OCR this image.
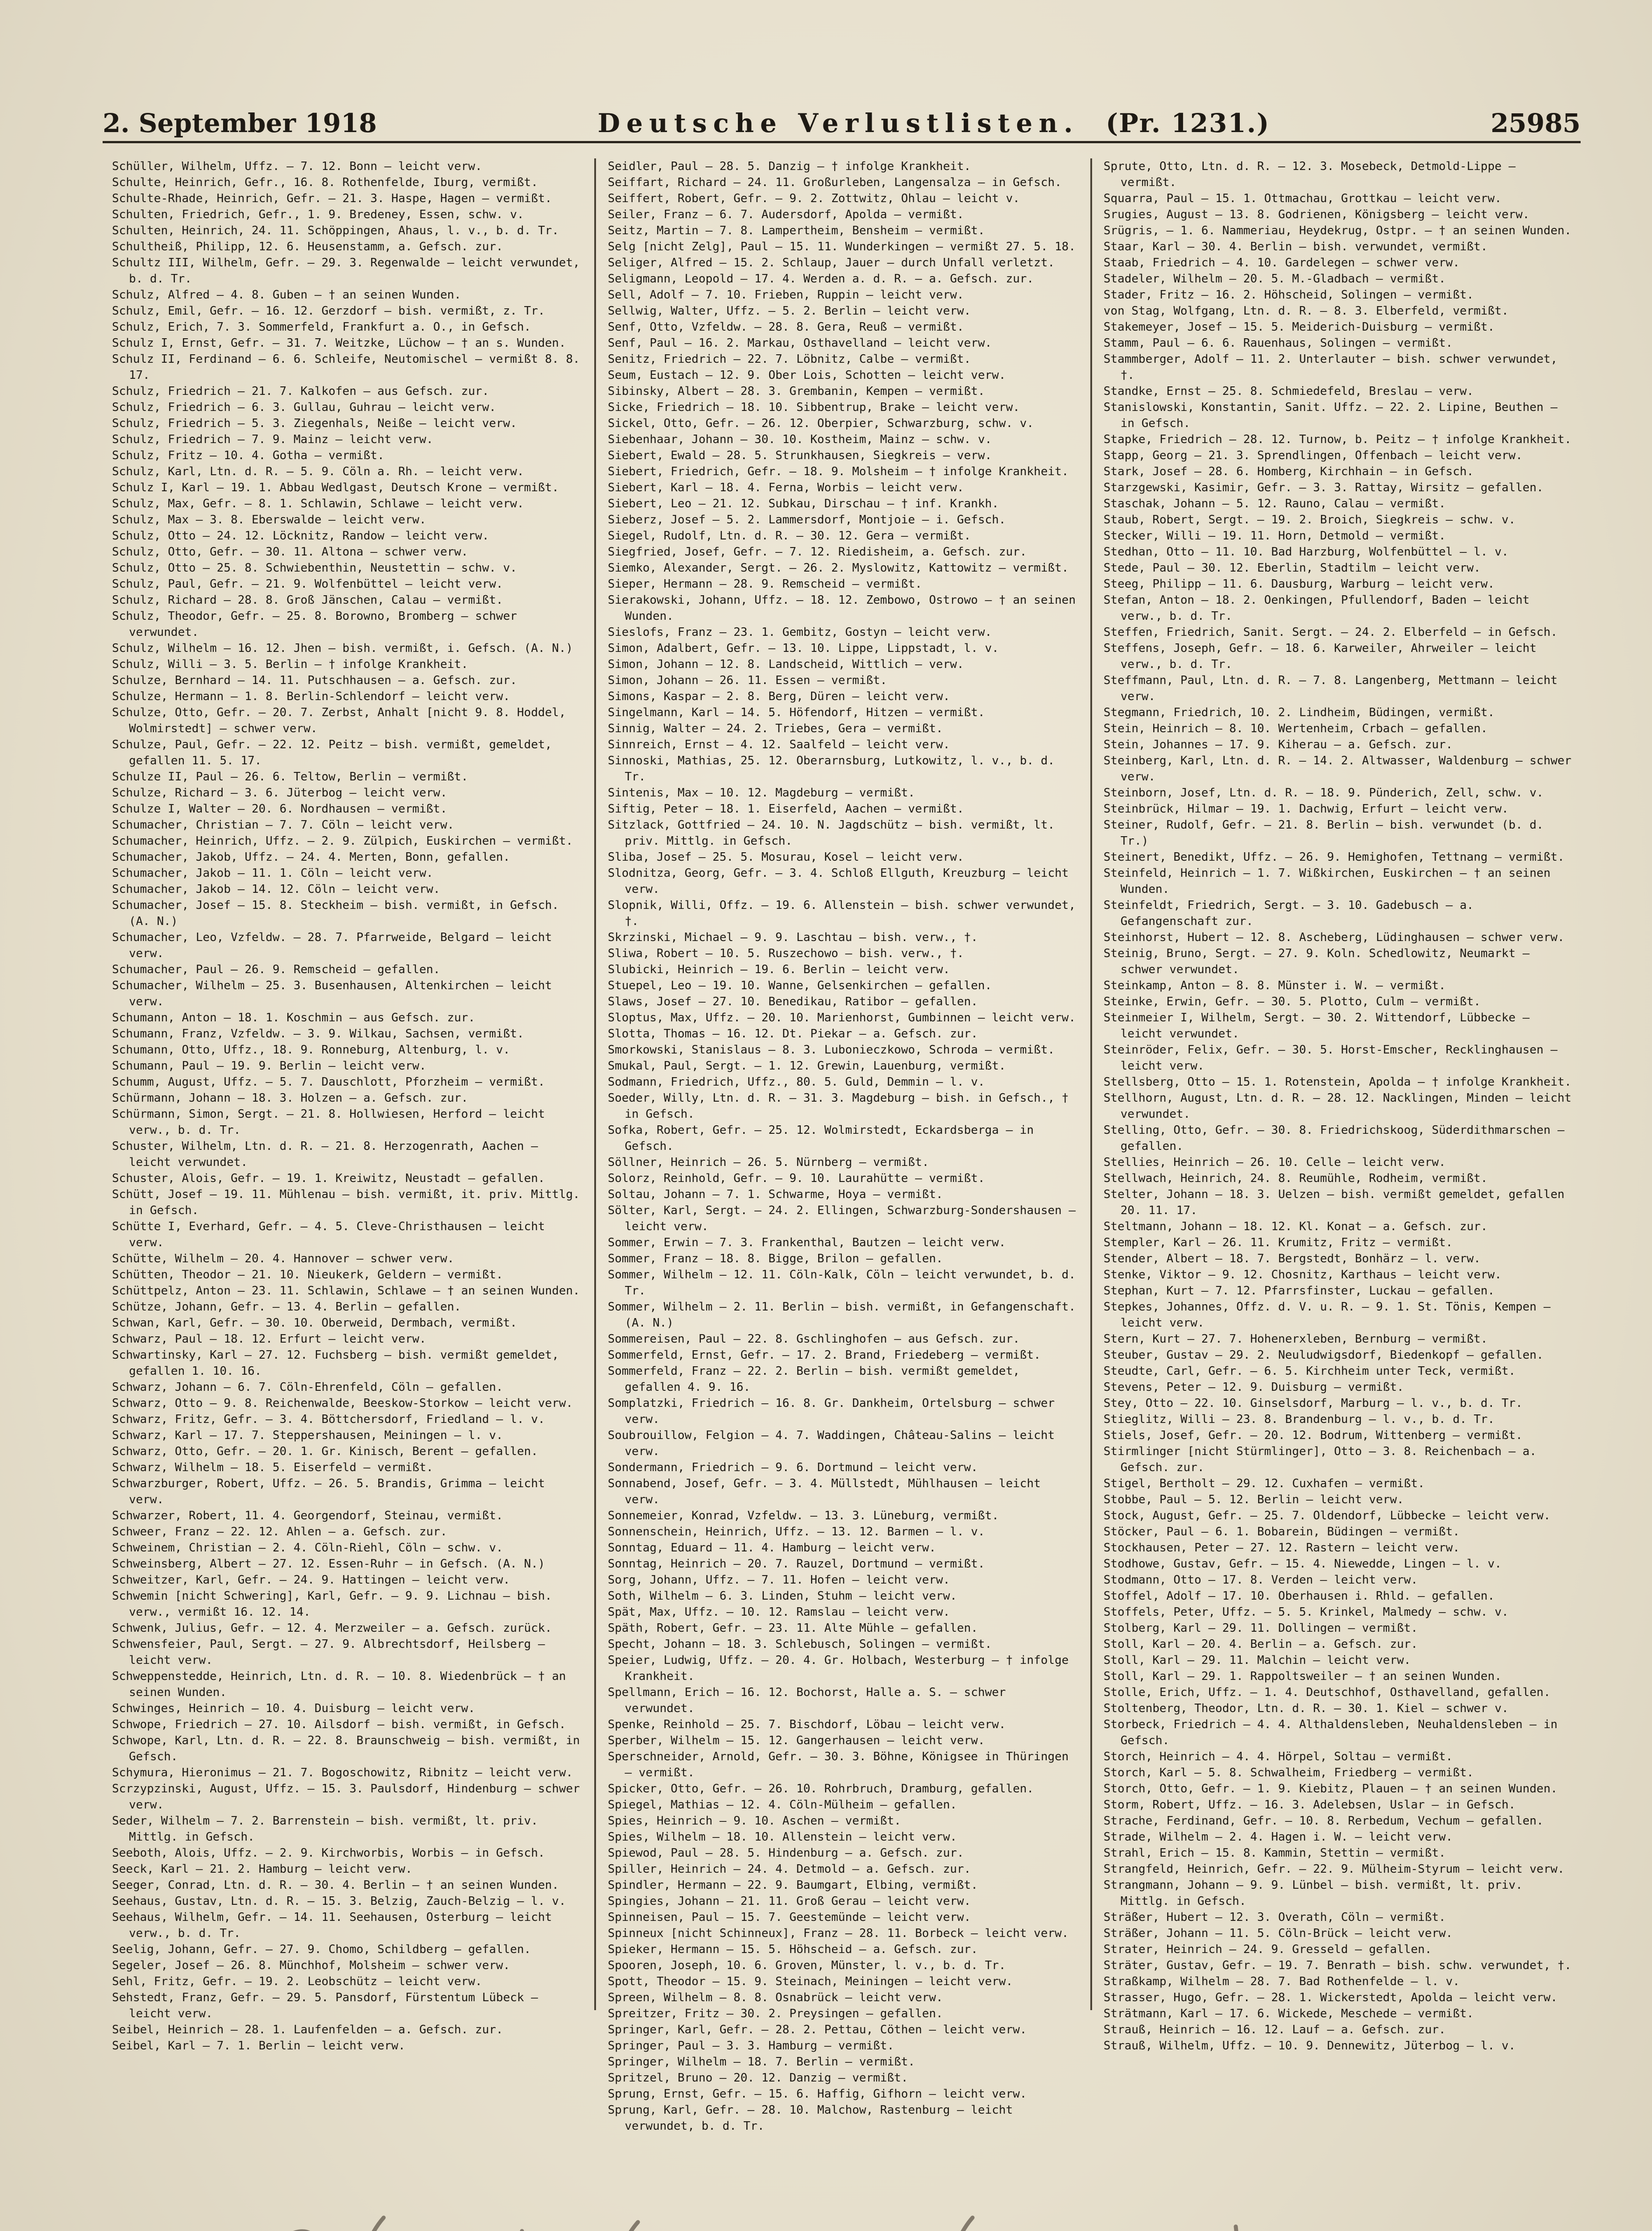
2. September 1918	Deutsche Verlustlisten. (Pr. 1231.)	25985

Schüller, Wilhelm, Uffz. — 7. 12. Bonn — leicht verw.

Schulte, Heinrich, Gefr., 16. 8. Rothenfelde, Iburg, vermißt.

Schulte-Rhade, Heinrich, Gefr. — 21. 3. Haspe, Hagen — vermißt.

Schulten, Friedrich, Gefr., 1. 9. Bredeney, Essen, schw. v.

Schulten, Heinrich, 24. 11. Schöppingen, Ahaus, l. v., b. d. Tr.

Schultheiß, Philipp, 12. 6. Heusenstamm, a. Gefsch. zur.

Schultz III, Wilhelm, Gefr. — 29. 3. Regenwalde — leicht verwundet, b. d. Tr.

Schulz, Alfred — 4. 8. Guben — † an seinen Wunden.

Schulz, Emil, Gefr. — 16. 12. Gerzdorf — bish. vermißt, z. Tr.

Schulz, Erich, 7. 3. Sommerfeld, Frankfurt a. O., in Gefsch.

Schulz I, Ernst, Gefr. — 31. 7. Weitzke, Lüchow — † an s. Wunden.

Schulz II, Ferdinand — 6. 6. Schleife, Neutomischel — vermißt 8. 8. 17.

Schulz, Friedrich — 21. 7. Kalkofen — aus Gefsch. zur.

Schulz, Friedrich — 6. 3. Gullau, Guhrau — leicht verw.

Schulz, Friedrich — 5. 3. Ziegenhals, Neiße — leicht verw.

Schulz, Friedrich — 7. 9. Mainz — leicht verw.

Schulz, Fritz — 10. 4. Gotha — vermißt.

Schulz, Karl, Ltn. d. R. — 5. 9. Cöln a. Rh. — leicht verw.

Schulz I, Karl — 19. 1. Abbau Wedlgast, Deutsch Krone — vermißt.

Schulz, Max, Gefr. — 8. 1. Schlawin, Schlawe — leicht verw.

Schulz, Max — 3. 8. Eberswalde — leicht verw.

Schulz, Otto — 24. 12. Löcknitz, Randow — leicht verw.

Schulz, Otto, Gefr. — 30. 11. Altona — schwer verw.

Schulz, Otto — 25. 8. Schwiebenthin, Neustettin — schw. v.

Schulz, Paul, Gefr. — 21. 9. Wolfenbüttel — leicht verw.

Schulz, Richard — 28. 8. Groß Jänschen, Calau — vermißt.

Schulz, Theodor, Gefr. — 25. 8. Borowno, Bromberg — schwer verwundet.

Schulz, Wilhelm — 16. 12. Jhen — bish. vermißt, i. Gefsch. (A. N.)

Schulz, Willi — 3. 5. Berlin — † infolge Krankheit.

Schulze, Bernhard — 14. 11. Putschhausen — a. Gefsch. zur.

Schulze, Hermann — 1. 8. Berlin-Schlendorf — leicht verw.

Schulze, Otto, Gefr. — 20. 7. Zerbst, Anhalt [nicht 9. 8. Hoddel, Wolmirstedt] — schwer verw.

Schulze, Paul, Gefr. — 22. 12. Peitz — bish. vermißt, gemeldet, gefallen 11. 5. 17.

Schulze II, Paul — 26. 6. Teltow, Berlin — vermißt.

Schulze, Richard — 3. 6. Jüterbog — leicht verw.

Schulze I, Walter — 20. 6. Nordhausen — vermißt.

Schumacher, Christian — 7. 7. Cöln — leicht verw.

Schumacher, Heinrich, Uffz. — 2. 9. Zülpich, Euskirchen — vermißt.

Schumacher, Jakob, Uffz. — 24. 4. Merten, Bonn, gefallen.

Schumacher, Jakob — 11. 1. Cöln — leicht verw.

Schumacher, Jakob — 14. 12. Cöln — leicht verw.

Schumacher, Josef — 15. 8. Steckheim — bish. vermißt, in Gefsch. (A. N.)

Schumacher, Leo, Vzfeldw. — 28. 7. Pfarrweide, Belgard — leicht verw.

Schumacher, Paul — 26. 9. Remscheid — gefallen.

Schumacher, Wilhelm — 25. 3. Busenhausen, Altenkirchen — leicht verw.

Schumann, Anton — 18. 1. Koschmin — aus Gefsch. zur.

Schumann, Franz, Vzfeldw. — 3. 9. Wilkau, Sachsen, vermißt.

Schumann, Otto, Uffz., 18. 9. Ronneburg, Altenburg, l. v.

Schumann, Paul — 19. 9. Berlin — leicht verw.

Schumm, August, Uffz. — 5. 7. Dauschlott, Pforzheim — vermißt.

Schürmann, Johann — 18. 3. Holzen — a. Gefsch. zur.

Schürmann, Simon, Sergt. — 21. 8. Hollwiesen, Herford — leicht verw., b. d. Tr.

Schuster, Wilhelm, Ltn. d. R. — 21. 8. Herzogenrath, Aachen — leicht verwundet.

Schuster, Alois, Gefr. — 19. 1. Kreiwitz, Neustadt — gefallen.

Schütt, Josef — 19. 11. Mühlenau — bish. vermißt, it. priv. Mittlg. in Gefsch.

Schütte I, Everhard, Gefr. — 4. 5. Cleve-Christhausen — leicht verw.

Schütte, Wilhelm — 20. 4. Hannover — schwer verw.

Schütten, Theodor — 21. 10. Nieukerk, Geldern — vermißt.

Schüttpelz, Anton — 23. 11. Schlawin, Schlawe — † an seinen Wunden.

Schütze, Johann, Gefr. — 13. 4. Berlin — gefallen.

Schwan, Karl, Gefr. — 30. 10. Oberweid, Dermbach, vermißt.

Schwarz, Paul — 18. 12. Erfurt — leicht verw.

Schwartinsky, Karl — 27. 12. Fuchsberg — bish. vermißt gemeldet, gefallen 1. 10. 16.

Schwarz, Johann — 6. 7. Cöln-Ehrenfeld, Cöln — gefallen.

Schwarz, Otto — 9. 8. Reichenwalde, Beeskow-Storkow — leicht verw.

Schwarz, Fritz, Gefr. — 3. 4. Böttchersdorf, Friedland — l. v.

Schwarz, Karl — 17. 7. Steppershausen, Meiningen — l. v.

Schwarz, Otto, Gefr. — 20. 1. Gr. Kinisch, Berent — gefallen.

Schwarz, Wilhelm — 18. 5. Eiserfeld — vermißt.

Schwarzburger, Robert, Uffz. — 26. 5. Brandis, Grimma — leicht verw.

Schwarzer, Robert, 11. 4. Georgendorf, Steinau, vermißt.

Schweer, Franz — 22. 12. Ahlen — a. Gefsch. zur.

Schweinem, Christian — 2. 4. Cöln-Riehl, Cöln — schw. v.

Schweinsberg, Albert — 27. 12. Essen-Ruhr — in Gefsch. (A. N.)

Schweitzer, Karl, Gefr. — 24. 9. Hattingen — leicht verw.

Schwemin [nicht Schwering], Karl, Gefr. — 9. 9. Lichnau — bish. verw., vermißt 16. 12. 14.

Schwenk, Julius, Gefr. — 12. 4. Merzweiler — a. Gefsch. zurück.

Schwensfeier, Paul, Sergt. — 27. 9. Albrechtsdorf, Heilsberg — leicht verw.

Schweppenstedde, Heinrich, Ltn. d. R. — 10. 8. Wiedenbrück — † an seinen Wunden.

Schwinges, Heinrich — 10. 4. Duisburg — leicht verw.

Schwope, Friedrich — 27. 10. Ailsdorf — bish. vermißt, in Gefsch.

Schwope, Karl, Ltn. d. R. — 22. 8. Braunschweig — bish. vermißt, in Gefsch.

Schymura, Hieronimus — 21. 7. Bogoschowitz, Ribnitz — leicht verw.

Scrzypzinski, August, Uffz. — 15. 3. Paulsdorf, Hindenburg — schwer verw.

Seder, Wilhelm — 7. 2. Barrenstein — bish. vermißt, lt. priv. Mittlg. in Gefsch.

Seeboth, Alois, Uffz. — 2. 9. Kirchworbis, Worbis — in Gefsch.

Seeck, Karl — 21. 2. Hamburg — leicht verw.

Seeger, Conrad, Ltn. d. R. — 30. 4. Berlin — † an seinen Wunden.

Seehaus, Gustav, Ltn. d. R. — 15. 3. Belzig, Zauch-Belzig — l. v.

Seehaus, Wilhelm, Gefr. — 14. 11. Seehausen, Osterburg — leicht verw., b. d. Tr.

Seelig, Johann, Gefr. — 27. 9. Chomo, Schildberg — gefallen.

Segeler, Josef — 26. 8. Münchhof, Molsheim — schwer verw.

Sehl, Fritz, Gefr. — 19. 2. Leobschütz — leicht verw.

Sehstedt, Franz, Gefr. — 29. 5. Pansdorf, Fürstentum Lübeck — leicht verw.

Seibel, Heinrich — 28. 1. Laufenfelden — a. Gefsch. zur.

Seibel, Karl — 7. 1. Berlin — leicht verw.

Seidler, Paul — 28. 5. Danzig — † infolge Krankheit.

Seiffart, Richard — 24. 11. Großurleben, Langensalza — in Gefsch.

Seiffert, Robert, Gefr. — 9. 2. Zottwitz, Ohlau — leicht v.

Seiler, Franz — 6. 7. Audersdorf, Apolda — vermißt.

Seitz, Martin — 7. 8. Lampertheim, Bensheim — vermißt.

Selg [nicht Zelg], Paul — 15. 11. Wunderkingen — vermißt 27. 5. 18.

Seliger, Alfred — 15. 2. Schlaup, Jauer — durch Unfall verletzt.

Seligmann, Leopold — 17. 4. Werden a. d. R. — a. Gefsch. zur.

Sell, Adolf — 7. 10. Frieben, Ruppin — leicht verw.

Sellwig, Walter, Uffz. — 5. 2. Berlin — leicht verw.

Senf, Otto, Vzfeldw. — 28. 8. Gera, Reuß — vermißt.

Senf, Paul — 16. 2. Markau, Osthavelland — leicht verw.

Senitz, Friedrich — 22. 7. Löbnitz, Calbe — vermißt.

Seum, Eustach — 12. 9. Ober Lois, Schotten — leicht verw.

Sibinsky, Albert — 28. 3. Grembanin, Kempen — vermißt.

Sicke, Friedrich — 18. 10. Sibbentrup, Brake — leicht verw.

Sickel, Otto, Gefr. — 26. 12. Oberpier, Schwarzburg, schw. v.

Siebenhaar, Johann — 30. 10. Kostheim, Mainz — schw. v.

Siebert, Ewald — 28. 5. Strunkhausen, Siegkreis — verw.

Siebert, Friedrich, Gefr. — 18. 9. Molsheim — † infolge Krankheit.

Siebert, Karl — 18. 4. Ferna, Worbis — leicht verw.

Siebert, Leo — 21. 12. Subkau, Dirschau — † inf. Krankh.

Sieberz, Josef — 5. 2. Lammersdorf, Montjoie — i. Gefsch.

Siegel, Rudolf, Ltn. d. R. — 30. 12. Gera — vermißt.

Siegfried, Josef, Gefr. — 7. 12. Riedisheim, a. Gefsch. zur.

Siemko, Alexander, Sergt. — 26. 2. Myslowitz, Kattowitz — vermißt.

Sieper, Hermann — 28. 9. Remscheid — vermißt.

Sierakowski, Johann, Uffz. — 18. 12. Zembowo, Ostrowo — † an seinen Wunden.

Sieslofs, Franz — 23. 1. Gembitz, Gostyn — leicht verw.

Simon, Adalbert, Gefr. — 13. 10. Lippe, Lippstadt, l. v.

Simon, Johann — 12. 8. Landscheid, Wittlich — verw.

Simon, Johann — 26. 11. Essen — vermißt.

Simons, Kaspar — 2. 8. Berg, Düren — leicht verw.

Singelmann, Karl — 14. 5. Höfendorf, Hitzen — vermißt.

Sinnig, Walter — 24. 2. Triebes, Gera — vermißt.

Sinnreich, Ernst — 4. 12. Saalfeld — leicht verw.

Sinnoski, Mathias, 25. 12. Oberarnsburg, Lutkowitz, l. v., b. d. Tr.

Sintenis, Max — 10. 12. Magdeburg — vermißt.

Siftig, Peter — 18. 1. Eiserfeld, Aachen — vermißt.

Sitzlack, Gottfried — 24. 10. N. Jagdschütz — bish. vermißt, lt. priv. Mittlg. in Gefsch.

Sliba, Josef — 25. 5. Mosurau, Kosel — leicht verw.

Slodnitza, Georg, Gefr. — 3. 4. Schloß Ellguth, Kreuzburg — leicht verw.

Slopnik, Willi, Offz. — 19. 6. Allenstein — bish. schwer verwundet, †.

Skrzinski, Michael — 9. 9. Laschtau — bish. verw., †.

Sliwa, Robert — 10. 5. Ruszechowo — bish. verw., †.

Slubicki, Heinrich — 19. 6. Berlin — leicht verw.

Stuepel, Leo — 19. 10. Wanne, Gelsenkirchen — gefallen.

Slaws, Josef — 27. 10. Benedikau, Ratibor — gefallen.

Sloptus, Max, Uffz. — 20. 10. Marienhorst, Gumbinnen — leicht verw.

Slotta, Thomas — 16. 12. Dt. Piekar — a. Gefsch. zur.

Smorkowski, Stanislaus — 8. 3. Lubonieczkowo, Schroda — vermißt.

Smukal, Paul, Sergt. — 1. 12. Grewin, Lauenburg, vermißt.

Sodmann, Friedrich, Uffz., 80. 5. Guld, Demmin — l. v.

Soeder, Willy, Ltn. d. R. — 31. 3. Magdeburg — bish. in Gefsch., † in Gefsch.

Sofka, Robert, Gefr. — 25. 12. Wolmirstedt, Eckardsberga — in Gefsch.

Söllner, Heinrich — 26. 5. Nürnberg — vermißt.

Solorz, Reinhold, Gefr. — 9. 10. Laurahütte — vermißt.

Soltau, Johann — 7. 1. Schwarme, Hoya — vermißt.

Sölter, Karl, Sergt. — 24. 2. Ellingen, Schwarzburg-Sondershausen — leicht verw.

Sommer, Erwin — 7. 3. Frankenthal, Bautzen — leicht verw.

Sommer, Franz — 18. 8. Bigge, Brilon — gefallen.

Sommer, Wilhelm — 12. 11. Cöln-Kalk, Cöln — leicht verwundet, b. d. Tr.

Sommer, Wilhelm — 2. 11. Berlin — bish. vermißt, in Gefangenschaft. (A. N.)

Sommereisen, Paul — 22. 8. Gschlinghofen — aus Gefsch. zur.

Sommerfeld, Ernst, Gefr. — 17. 2. Brand, Friedeberg — vermißt.

Sommerfeld, Franz — 22. 2. Berlin — bish. vermißt gemeldet, gefallen 4. 9. 16.

Somplatzki, Friedrich — 16. 8. Gr. Dankheim, Ortelsburg — schwer verw.

Soubrouillow, Felgion — 4. 7. Waddingen, Château-Salins — leicht verw.

Sondermann, Friedrich — 9. 6. Dortmund — leicht verw.

Sonnabend, Josef, Gefr. — 3. 4. Müllstedt, Mühlhausen — leicht verw.

Sonnemeier, Konrad, Vzfeldw. — 13. 3. Lüneburg, vermißt.

Sonnenschein, Heinrich, Uffz. — 13. 12. Barmen — l. v.

Sonntag, Eduard — 11. 4. Hamburg — leicht verw.

Sonntag, Heinrich — 20. 7. Rauzel, Dortmund — vermißt.

Sorg, Johann, Uffz. — 7. 11. Hofen — leicht verw.

Soth, Wilhelm — 6. 3. Linden, Stuhm — leicht verw.

Spät, Max, Uffz. — 10. 12. Ramslau — leicht verw.

Späth, Robert, Gefr. — 23. 11. Alte Mühle — gefallen.

Specht, Johann — 18. 3. Schlebusch, Solingen — vermißt.

Speier, Ludwig, Uffz. — 20. 4. Gr. Holbach, Westerburg — † infolge Krankheit.

Spellmann, Erich — 16. 12. Bochorst, Halle a. S. — schwer verwundet.

Spenke, Reinhold — 25. 7. Bischdorf, Löbau — leicht verw.

Sperber, Wilhelm — 15. 12. Gangerhausen — leicht verw.

Sperschneider, Arnold, Gefr. — 30. 3. Böhne, Königsee in Thüringen — vermißt.

Spicker, Otto, Gefr. — 26. 10. Rohrbruch, Dramburg, gefallen.

Spiegel, Mathias — 12. 4. Cöln-Mülheim — gefallen.

Spies, Heinrich — 9. 10. Aschen — vermißt.

Spies, Wilhelm — 18. 10. Allenstein — leicht verw.

Spiewod, Paul — 28. 5. Hindenburg — a. Gefsch. zur.

Spiller, Heinrich — 24. 4. Detmold — a. Gefsch. zur.

Spindler, Hermann — 22. 9. Baumgart, Elbing, vermißt.

Spingies, Johann — 21. 11. Groß Gerau — leicht verw.

Spinneisen, Paul — 15. 7. Geestemünde — leicht verw.

Spinneux [nicht Schinneux], Franz — 28. 11. Borbeck — leicht verw.

Spieker, Hermann — 15. 5. Höhscheid — a. Gefsch. zur.

Spooren, Joseph, 10. 6. Groven, Münster, l. v., b. d. Tr.

Spott, Theodor — 15. 9. Steinach, Meiningen — leicht verw.

Spreen, Wilhelm — 8. 8. Osnabrück — leicht verw.

Spreitzer, Fritz — 30. 2. Preysingen — gefallen.

Springer, Karl, Gefr. — 28. 2. Pettau, Cöthen — leicht verw.

Springer, Paul — 3. 3. Hamburg — vermißt.

Springer, Wilhelm — 18. 7. Berlin — vermißt.

Spritzel, Bruno — 20. 12. Danzig — vermißt.

Sprung, Ernst, Gefr. — 15. 6. Haffig, Gifhorn — leicht verw.

Sprung, Karl, Gefr. — 28. 10. Malchow, Rastenburg — leicht verwundet, b. d. Tr.

Sprute, Otto, Ltn. d. R. — 12. 3. Mosebeck, Detmold-Lippe — vermißt.

Squarra, Paul — 15. 1. Ottmachau, Grottkau — leicht verw.

Srugies, August — 13. 8. Godrienen, Königsberg — leicht verw.

Srügris, — 1. 6. Nammeriau, Heydekrug, Ostpr. — † an seinen Wunden.

Staar, Karl — 30. 4. Berlin — bish. verwundet, vermißt.

Staab, Friedrich — 4. 10. Gardelegen — schwer verw.

Stadeler, Wilhelm — 20. 5. M.-Gladbach — vermißt.

Stader, Fritz — 16. 2. Höhscheid, Solingen — vermißt.

von Stag, Wolfgang, Ltn. d. R. — 8. 3. Elberfeld, vermißt.

Stakemeyer, Josef — 15. 5. Meiderich-Duisburg — vermißt.

Stamm, Paul — 6. 6. Rauenhaus, Solingen — vermißt.

Stammberger, Adolf — 11. 2. Unterlauter — bish. schwer verwundet, †.

Standke, Ernst — 25. 8. Schmiedefeld, Breslau — verw.

Stanislowski, Konstantin, Sanit. Uffz. — 22. 2. Lipine, Beuthen — in Gefsch.

Stapke, Friedrich — 28. 12. Turnow, b. Peitz — † infolge Krankheit.

Stapp, Georg — 21. 3. Sprendlingen, Offenbach — leicht verw.

Stark, Josef — 28. 6. Homberg, Kirchhain — in Gefsch.

Starzgewski, Kasimir, Gefr. — 3. 3. Rattay, Wirsitz — gefallen.

Staschak, Johann — 5. 12. Rauno, Calau — vermißt.

Staub, Robert, Sergt. — 19. 2. Broich, Siegkreis — schw. v.

Stecker, Willi — 19. 11. Horn, Detmold — vermißt.

Stedhan, Otto — 11. 10. Bad Harzburg, Wolfenbüttel — l. v.

Stede, Paul — 30. 12. Eberlin, Stadtilm — leicht verw.

Steeg, Philipp — 11. 6. Dausburg, Warburg — leicht verw.

Stefan, Anton — 18. 2. Oenkingen, Pfullendorf, Baden — leicht verw., b. d. Tr.

Steffen, Friedrich, Sanit. Sergt. — 24. 2. Elberfeld — in Gefsch.

Steffens, Joseph, Gefr. — 18. 6. Karweiler, Ahrweiler — leicht verw., b. d. Tr.

Steffmann, Paul, Ltn. d. R. — 7. 8. Langenberg, Mettmann — leicht verw.

Stegmann, Friedrich, 10. 2. Lindheim, Büdingen, vermißt.

Stein, Heinrich — 8. 10. Wertenheim, Crbach — gefallen.

Stein, Johannes — 17. 9. Kiherau — a. Gefsch. zur.

Steinberg, Karl, Ltn. d. R. — 14. 2. Altwasser, Waldenburg — schwer verw.

Steinborn, Josef, Ltn. d. R. — 18. 9. Pünderich, Zell, schw. v.

Steinbrück, Hilmar — 19. 1. Dachwig, Erfurt — leicht verw.

Steiner, Rudolf, Gefr. — 21. 8. Berlin — bish. verwundet (b. d. Tr.)

Steinert, Benedikt, Uffz. — 26. 9. Hemighofen, Tettnang — vermißt.

Steinfeld, Heinrich — 1. 7. Wißkirchen, Euskirchen — † an seinen Wunden.

Steinfeldt, Friedrich, Sergt. — 3. 10. Gadebusch — a. Gefangenschaft zur.

Steinhorst, Hubert — 12. 8. Ascheberg, Lüdinghausen — schwer verw.

Steinig, Bruno, Sergt. — 27. 9. Koln. Schedlowitz, Neumarkt — schwer verwundet.

Steinkamp, Anton — 8. 8. Münster i. W. — vermißt.

Steinke, Erwin, Gefr. — 30. 5. Plotto, Culm — vermißt.

Steinmeier I, Wilhelm, Sergt. — 30. 2. Wittendorf, Lübbecke — leicht verwundet.

Steinröder, Felix, Gefr. — 30. 5. Horst-Emscher, Recklinghausen — leicht verw.

Stellsberg, Otto — 15. 1. Rotenstein, Apolda — † infolge Krankheit.

Stellhorn, August, Ltn. d. R. — 28. 12. Nacklingen, Minden — leicht verwundet.

Stelling, Otto, Gefr. — 30. 8. Friedrichskoog, Süderdithmarschen — gefallen.

Stellies, Heinrich — 26. 10. Celle — leicht verw.

Stellwach, Heinrich, 24. 8. Reumühle, Rodheim, vermißt.

Stelter, Johann — 18. 3. Uelzen — bish. vermißt gemeldet, gefallen 20. 11. 17.

Steltmann, Johann — 18. 12. Kl. Konat — a. Gefsch. zur.

Stempler, Karl — 26. 11. Krumitz, Fritz — vermißt.

Stender, Albert — 18. 7. Bergstedt, Bonhärz — l. verw.

Stenke, Viktor — 9. 12. Chosnitz, Karthaus — leicht verw.

Stephan, Kurt — 7. 12. Pfarrsfinster, Luckau — gefallen.

Stepkes, Johannes, Offz. d. V. u. R. — 9. 1. St. Tönis, Kempen — leicht verw.

Stern, Kurt — 27. 7. Hohenerxleben, Bernburg — vermißt.

Steuber, Gustav — 29. 2. Neuludwigsdorf, Biedenkopf — gefallen.

Steudte, Carl, Gefr. — 6. 5. Kirchheim unter Teck, vermißt.

Stevens, Peter — 12. 9. Duisburg — vermißt.

Stey, Otto — 22. 10. Ginselsdorf, Marburg — l. v., b. d. Tr.

Stieglitz, Willi — 23. 8. Brandenburg — l. v., b. d. Tr.

Stiels, Josef, Gefr. — 20. 12. Bodrum, Wittenberg — vermißt.

Stirmlinger [nicht Stürmlinger], Otto — 3. 8. Reichenbach — a. Gefsch. zur.

Stigel, Bertholt — 29. 12. Cuxhafen — vermißt.

Stobbe, Paul — 5. 12. Berlin — leicht verw.

Stock, August, Gefr. — 25. 7. Oldendorf, Lübbecke — leicht verw.

Stöcker, Paul — 6. 1. Bobarein, Büdingen — vermißt.

Stockhausen, Peter — 27. 12. Rastern — leicht verw.

Stodhowe, Gustav, Gefr. — 15. 4. Niewedde, Lingen — l. v.

Stodmann, Otto — 17. 8. Verden — leicht verw.

Stoffel, Adolf — 17. 10. Oberhausen i. Rhld. — gefallen.

Stoffels, Peter, Uffz. — 5. 5. Krinkel, Malmedy — schw. v.

Stolberg, Karl — 29. 11. Dollingen — vermißt.

Stoll, Karl — 20. 4. Berlin — a. Gefsch. zur.

Stoll, Karl — 29. 11. Malchin — leicht verw.

Stoll, Karl — 29. 1. Rappoltsweiler — † an seinen Wunden.

Stolle, Erich, Uffz. — 1. 4. Deutschhof, Osthavelland, gefallen.

Stoltenberg, Theodor, Ltn. d. R. — 30. 1. Kiel — schwer v.

Storbeck, Friedrich — 4. 4. Althaldensleben, Neuhaldensleben — in Gefsch.

Storch, Heinrich — 4. 4. Hörpel, Soltau — vermißt.

Storch, Karl — 5. 8. Schwalheim, Friedberg — vermißt.

Storch, Otto, Gefr. — 1. 9. Kiebitz, Plauen — † an seinen Wunden.

Storm, Robert, Uffz. — 16. 3. Adelebsen, Uslar — in Gefsch.

Strache, Ferdinand, Gefr. — 10. 8. Rerbedum, Vechum — gefallen.

Strade, Wilhelm — 2. 4. Hagen i. W. — leicht verw.

Strahl, Erich — 15. 8. Kammin, Stettin — vermißt.

Strangfeld, Heinrich, Gefr. — 22. 9. Mülheim-Styrum — leicht verw.

Strangmann, Johann — 9. 9. Lünbel — bish. vermißt, lt. priv. Mittlg. in Gefsch.

Sträßer, Hubert — 12. 3. Overath, Cöln — vermißt.

Sträßer, Johann — 11. 5. Cöln-Brück — leicht verw.

Strater, Heinrich — 24. 9. Gresseld — gefallen.

Sträter, Gustav, Gefr. — 19. 7. Benrath — bish. schw. verwundet, †.

Straßkamp, Wilhelm — 28. 7. Bad Rothenfelde — l. v.

Strasser, Hugo, Gefr. — 28. 1. Wickerstedt, Apolda — leicht verw.

Strätmann, Karl — 17. 6. Wickede, Meschede — vermißt.

Strauß, Heinrich — 16. 12. Lauf — a. Gefsch. zur.

Strauß, Wilhelm, Uffz. — 10. 9. Dennewitz, Jüterbog — l. v.
